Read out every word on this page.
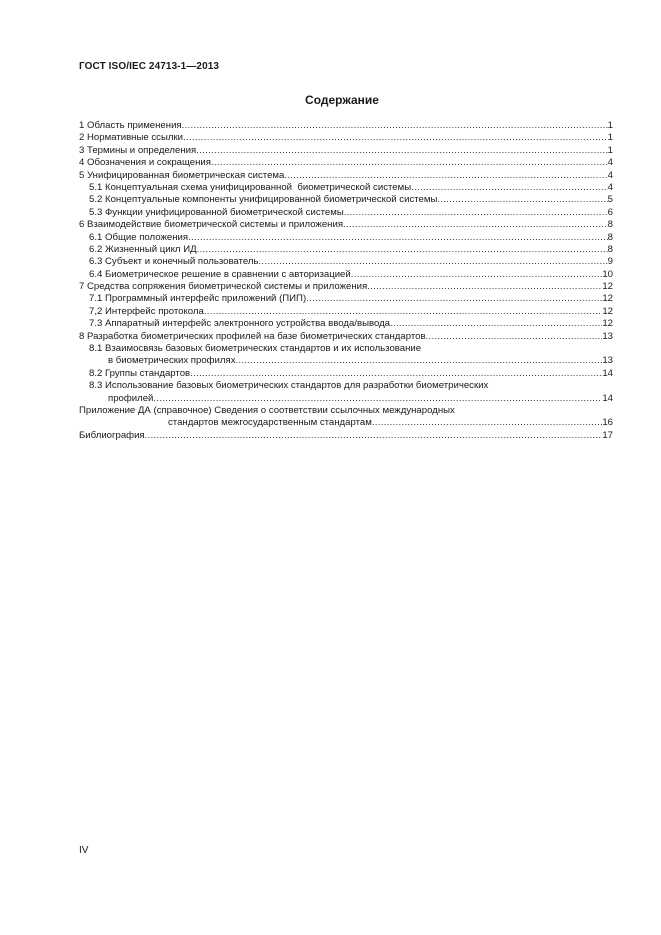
ГОСТ ISO/IEC 24713-1—2013
Содержание
1 Область применения .....	1
2 Нормативные ссылки .....	1
3 Термины и определения .....	1
4 Обозначения и сокращения .....	4
5 Унифицированная биометрическая система .....	4
5.1 Концептуальная схема унифицированной  биометрической системы .....	4
5.2 Концептуальные компоненты унифицированной биометрической системы .....	5
5.3 Функции унифицированной биометрической системы .....	6
6 Взаимодействие биометрической системы и приложения .....	8
6.1 Общие положения .....	8
6.2 Жизненный цикл ИД .....	8
6.3 Субъект и конечный пользователь .....	9
6.4 Биометрическое решение в сравнении с авторизацией .....	10
7 Средства сопряжения биометрической системы и приложения .....	12
7.1 Программный интерфейс приложений (ПИП) .....	12
7,2 Интерфейс протокола .....	12
7.3 Аппаратный интерфейс электронного устройства ввода/вывода .....	12
8 Разработка биометрических профилей на базе биометрических стандартов .....	13
8.1 Взаимосвязь базовых биометрических стандартов и их использование
в биометрических профилях .....	13
8.2 Группы стандартов .....	14
8.3 Использование базовых биометрических стандартов для разработки биометрических
профилей .....	14
Приложение ДА (справочное) Сведения о соответствии ссылочных международных
стандартов межгосударственным стандартам .....	16
Библиография .....	17
IV
